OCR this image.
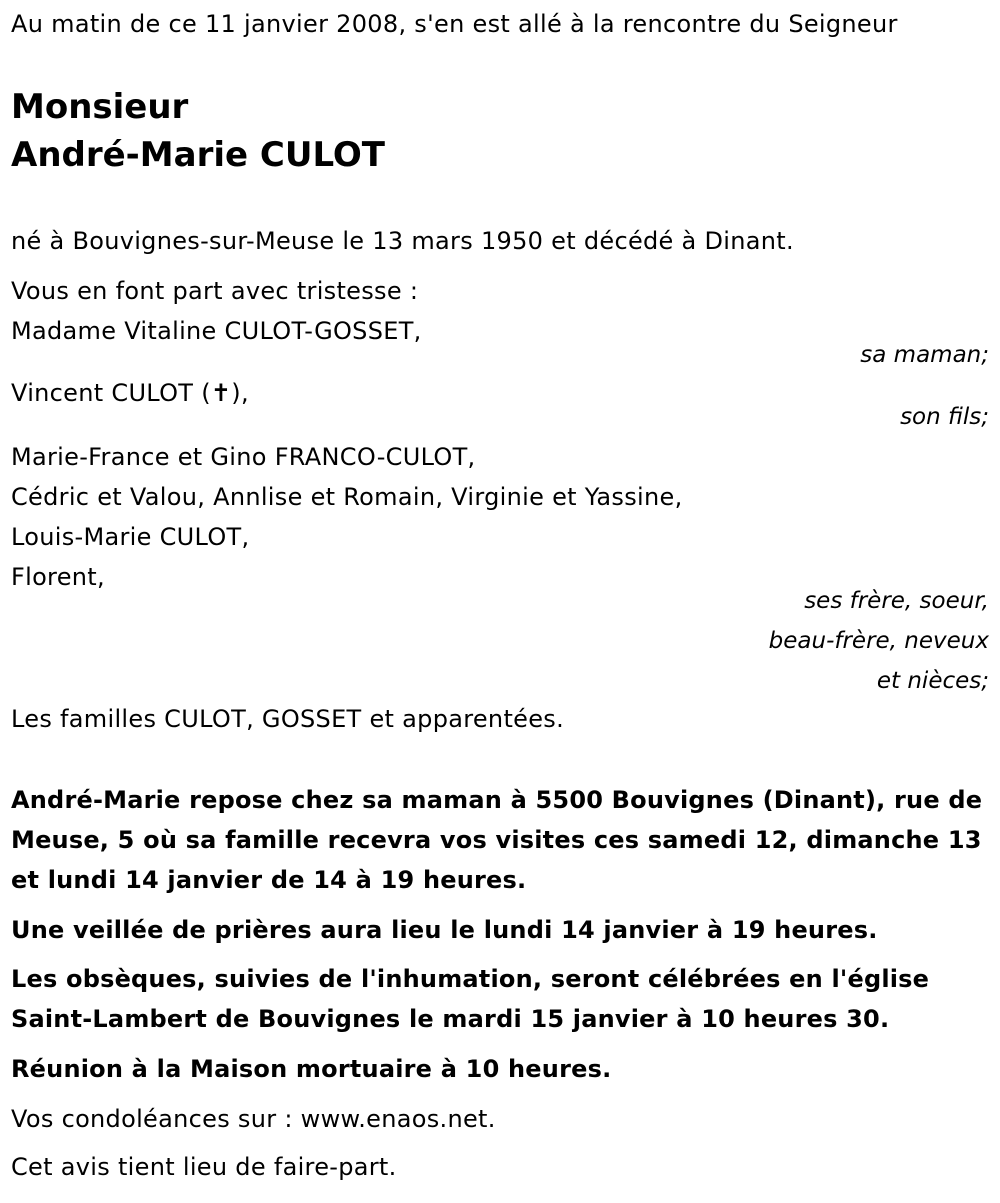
Au matin de ce 11 janvier 2008, s'en est allé à la rencontre du Seigneur
Monsieur
André-Marie CULOT
né à Bouvignes-sur-Meuse le 13 mars 1950 et décédé à Dinant.
Vous en font part avec tristesse :
Madame Vitaline CULOT-GOSSET,
sa maman;
Vincent CULOT (✝),
son fils;
Marie-France et Gino FRANCO-CULOT,
Cédric et Valou, Annlise et Romain, Virginie et Yassine,
Louis-Marie CULOT,
Florent,
ses frère, soeur,
beau-frère, neveux
et nièces;
Les familles CULOT, GOSSET et apparentées.
André-Marie repose chez sa maman à 5500 Bouvignes (Dinant), rue de Meuse, 5 où sa famille recevra vos visites ces samedi 12, dimanche 13 et lundi 14 janvier de 14 à 19 heures.
Une veillée de prières aura lieu le lundi 14 janvier à 19 heures.
Les obsèques, suivies de l'inhumation, seront célébrées en l'église Saint-Lambert de Bouvignes le mardi 15 janvier à 10 heures 30.
Réunion à la Maison mortuaire à 10 heures.
Vos condoléances sur : www.enaos.net.
Cet avis tient lieu de faire-part.
